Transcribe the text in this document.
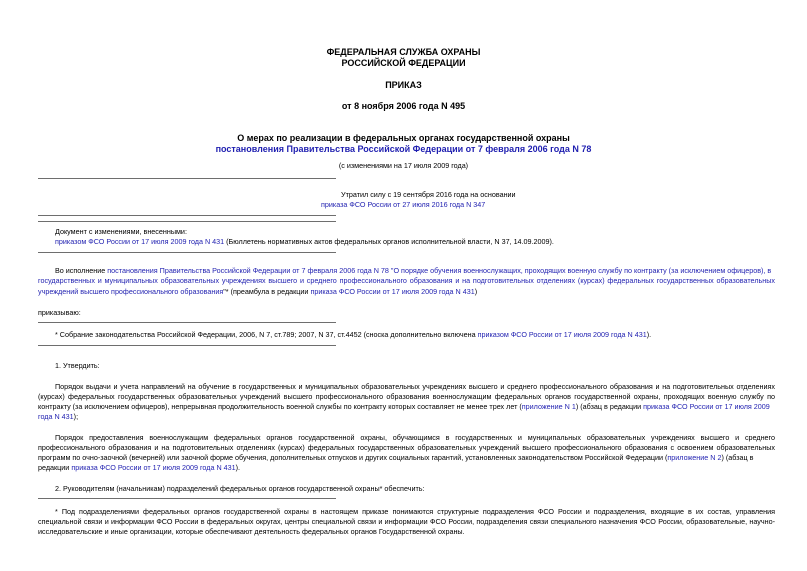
ФЕДЕРАЛЬНАЯ СЛУЖБА ОХРАНЫ
РОССИЙСКОЙ ФЕДЕРАЦИИ
ПРИКАЗ
от 8 ноября 2006 года N 495
О мерах по реализации в федеральных органах государственной охраны
постановления Правительства Российской Федерации от 7 февраля 2006 года N 78
(с изменениями на 17 июля 2009 года)
Утратил силу с 19 сентября 2016 года на основании
приказа ФСО России от 27 июля 2016 года N 347
Документ с изменениями, внесенными:
приказом ФСО России от 17 июля 2009 года N 431 (Бюллетень нормативных актов федеральных органов исполнительной власти, N 37, 14.09.2009).
Во исполнение постановления Правительства Российской Федерации от 7 февраля 2006 года N 78 "О порядке обучения военнослужащих, проходящих военную службу по контракту (за исключением офицеров), в
государственных и муниципальных образовательных учреждениях высшего и среднего профессионального образования и на подготовительных отделениях (курсах) федеральных государственных образовательных
учреждений высшего профессионального образования"* (преамбула в редакции приказа ФСО России от 17 июля 2009 года N 431)
приказываю:
* Собрание законодательства Российской Федерации, 2006, N 7, ст.789; 2007, N 37, ст.4452 (сноска дополнительно включена приказом ФСО России от 17 июля 2009 года N 431).
1. Утвердить:
Порядок выдачи и учета направлений на обучение в государственных и муниципальных образовательных учреждениях высшего и среднего профессионального образования и на подготовительных отделениях
(курсах) федеральных государственных образовательных учреждений высшего профессионального образования военнослужащим федеральных органов государственной охраны, проходящих военную службу по
контракту (за исключением офицеров), непрерывная продолжительность военной службы по контракту которых составляет не менее трех лет (приложение N 1) (абзац в редакции приказа ФСО России от 17 июля 2009
года N 431);
Порядок предоставления военнослужащим федеральных органов государственной охраны, обучающимся в государственных и муниципальных образовательных учреждениях высшего и среднего
профессионального образования и на подготовительных отделениях (курсах) федеральных государственных образовательных учреждений высшего профессионального образования с освоением образовательных
программ по очно-заочной (вечерней) или заочной форме обучения, дополнительных отпусков и других социальных гарантий, установленных законодательством Российской Федерации (приложение N 2) (абзац в
редакции приказа ФСО России от 17 июля 2009 года N 431).
2. Руководителям (начальникам) подразделений федеральных органов государственной охраны* обеспечить:
* Под подразделениями федеральных органов государственной охраны в настоящем приказе понимаются структурные подразделения ФСО России и подразделения, входящие в их состав, управления
специальной связи и информации ФСО России в федеральных округах, центры специальной связи и информации ФСО России, подразделения связи специального назначения ФСО России, образовательные, научно-
исследовательские и иные организации, которые обеспечивают деятельность федеральных органов Государственной охраны.
